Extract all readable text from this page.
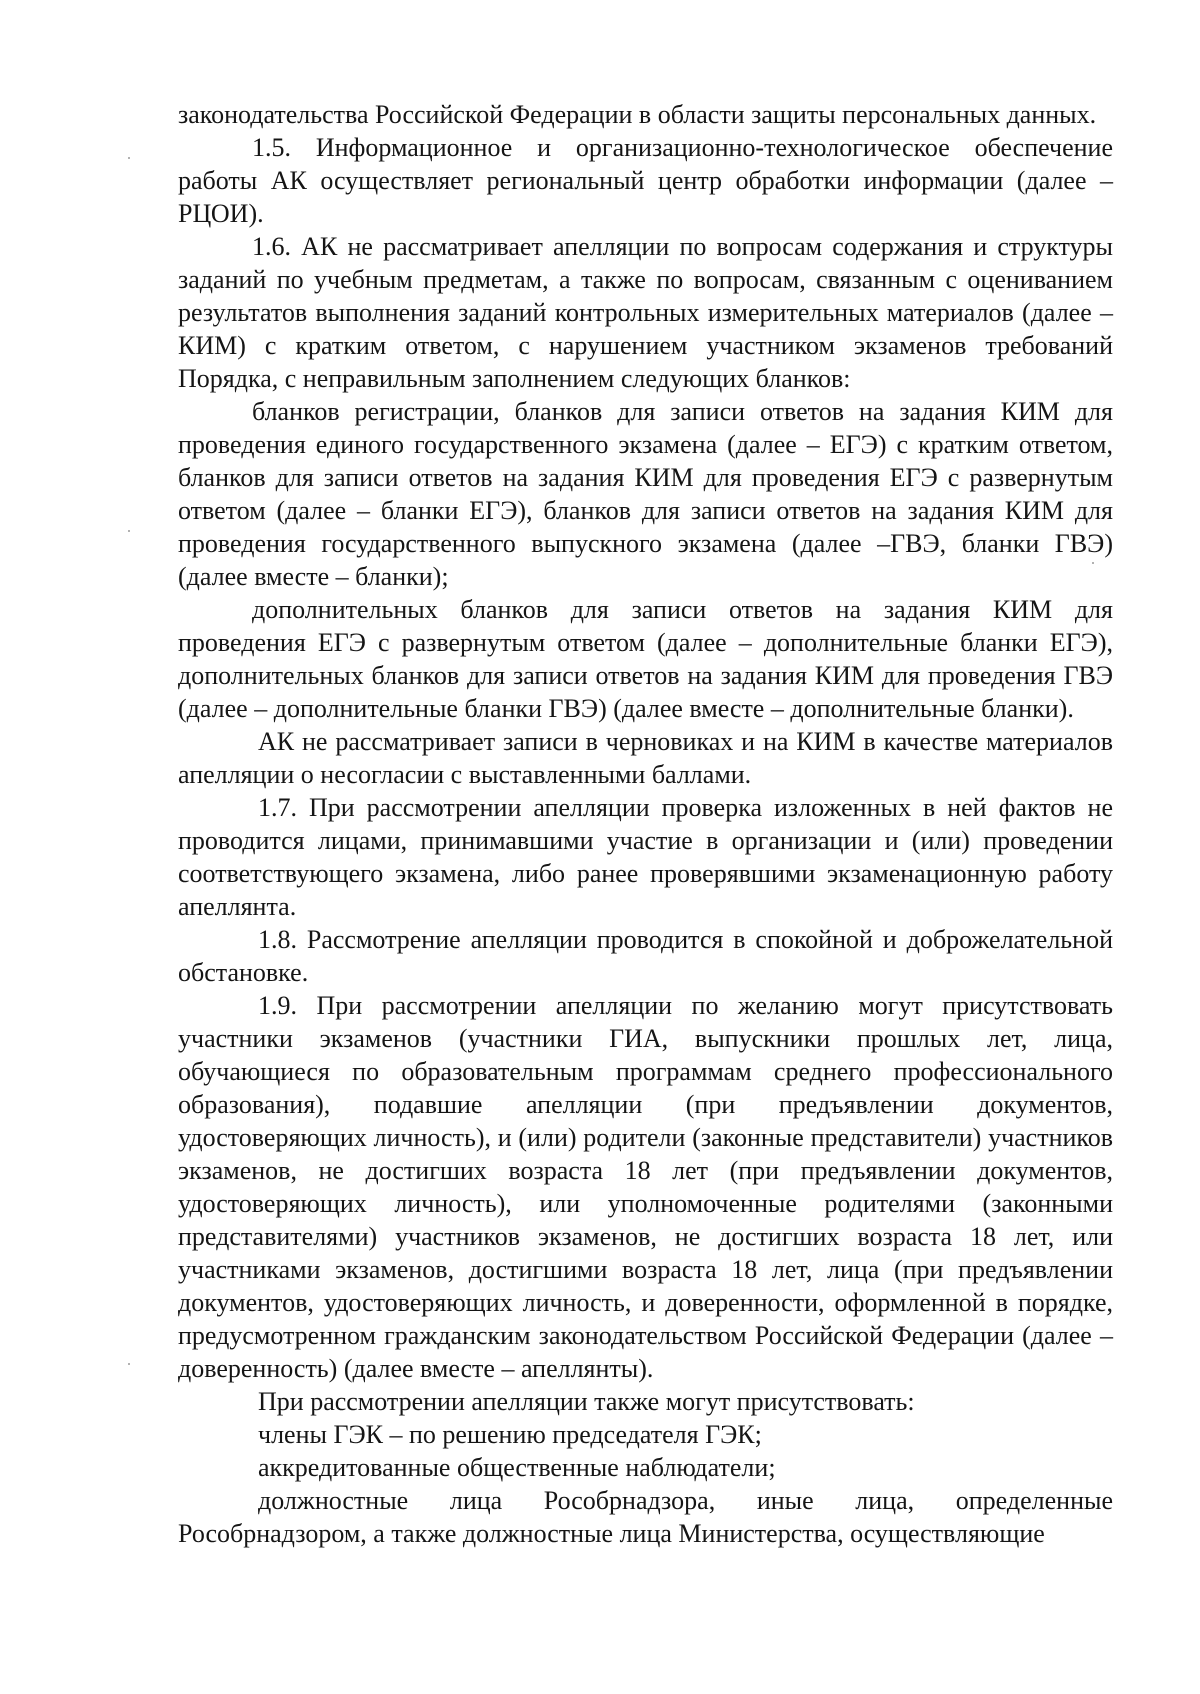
законодательства Российской Федерации в области защиты персональных данных.

1.5. Информационное и организационно-технологическое обеспечение работы АК осуществляет региональный центр обработки информации (далее – РЦОИ).

1.6. АК не рассматривает апелляции по вопросам содержания и структуры заданий по учебным предметам, а также по вопросам, связанным с оцениванием результатов выполнения заданий контрольных измерительных материалов (далее – КИМ) с кратким ответом, с нарушением участником экзаменов требований Порядка, с неправильным заполнением следующих бланков:

бланков регистрации, бланков для записи ответов на задания КИМ для проведения единого государственного экзамена (далее – ЕГЭ) с кратким ответом, бланков для записи ответов на задания КИМ для проведения ЕГЭ с развернутым ответом (далее – бланки ЕГЭ), бланков для записи ответов на задания КИМ для проведения государственного выпускного экзамена (далее –ГВЭ, бланки ГВЭ) (далее вместе – бланки);

дополнительных бланков для записи ответов на задания КИМ для проведения ЕГЭ с развернутым ответом (далее – дополнительные бланки ЕГЭ), дополнительных бланков для записи ответов на задания КИМ для проведения ГВЭ (далее – дополнительные бланки ГВЭ) (далее вместе – дополнительные бланки).

АК не рассматривает записи в черновиках и на КИМ в качестве материалов апелляции о несогласии с выставленными баллами.

1.7. При рассмотрении апелляции проверка изложенных в ней фактов не проводится лицами, принимавшими участие в организации и (или) проведении соответствующего экзамена, либо ранее проверявшими экзаменационную работу апеллянта.

1.8. Рассмотрение апелляции проводится в спокойной и доброжелательной обстановке.

1.9. При рассмотрении апелляции по желанию могут присутствовать участники экзаменов (участники ГИА, выпускники прошлых лет, лица, обучающиеся по образовательным программам среднего профессионального образования), подавшие апелляции (при предъявлении документов, удостоверяющих личность), и (или) родители (законные представители) участников экзаменов, не достигших возраста 18 лет (при предъявлении документов, удостоверяющих личность), или уполномоченные родителями (законными представителями) участников экзаменов, не достигших возраста 18 лет, или участниками экзаменов, достигшими возраста 18 лет, лица (при предъявлении документов, удостоверяющих личность, и доверенности, оформленной в порядке, предусмотренном гражданским законодательством Российской Федерации (далее – доверенность) (далее вместе – апеллянты).

При рассмотрении апелляции также могут присутствовать:

члены ГЭК – по решению председателя ГЭК;

аккредитованные общественные наблюдатели;

должностные лица Рособрнадзора, иные лица, определенные Рособрнадзором, а также должностные лица Министерства, осуществляющие
